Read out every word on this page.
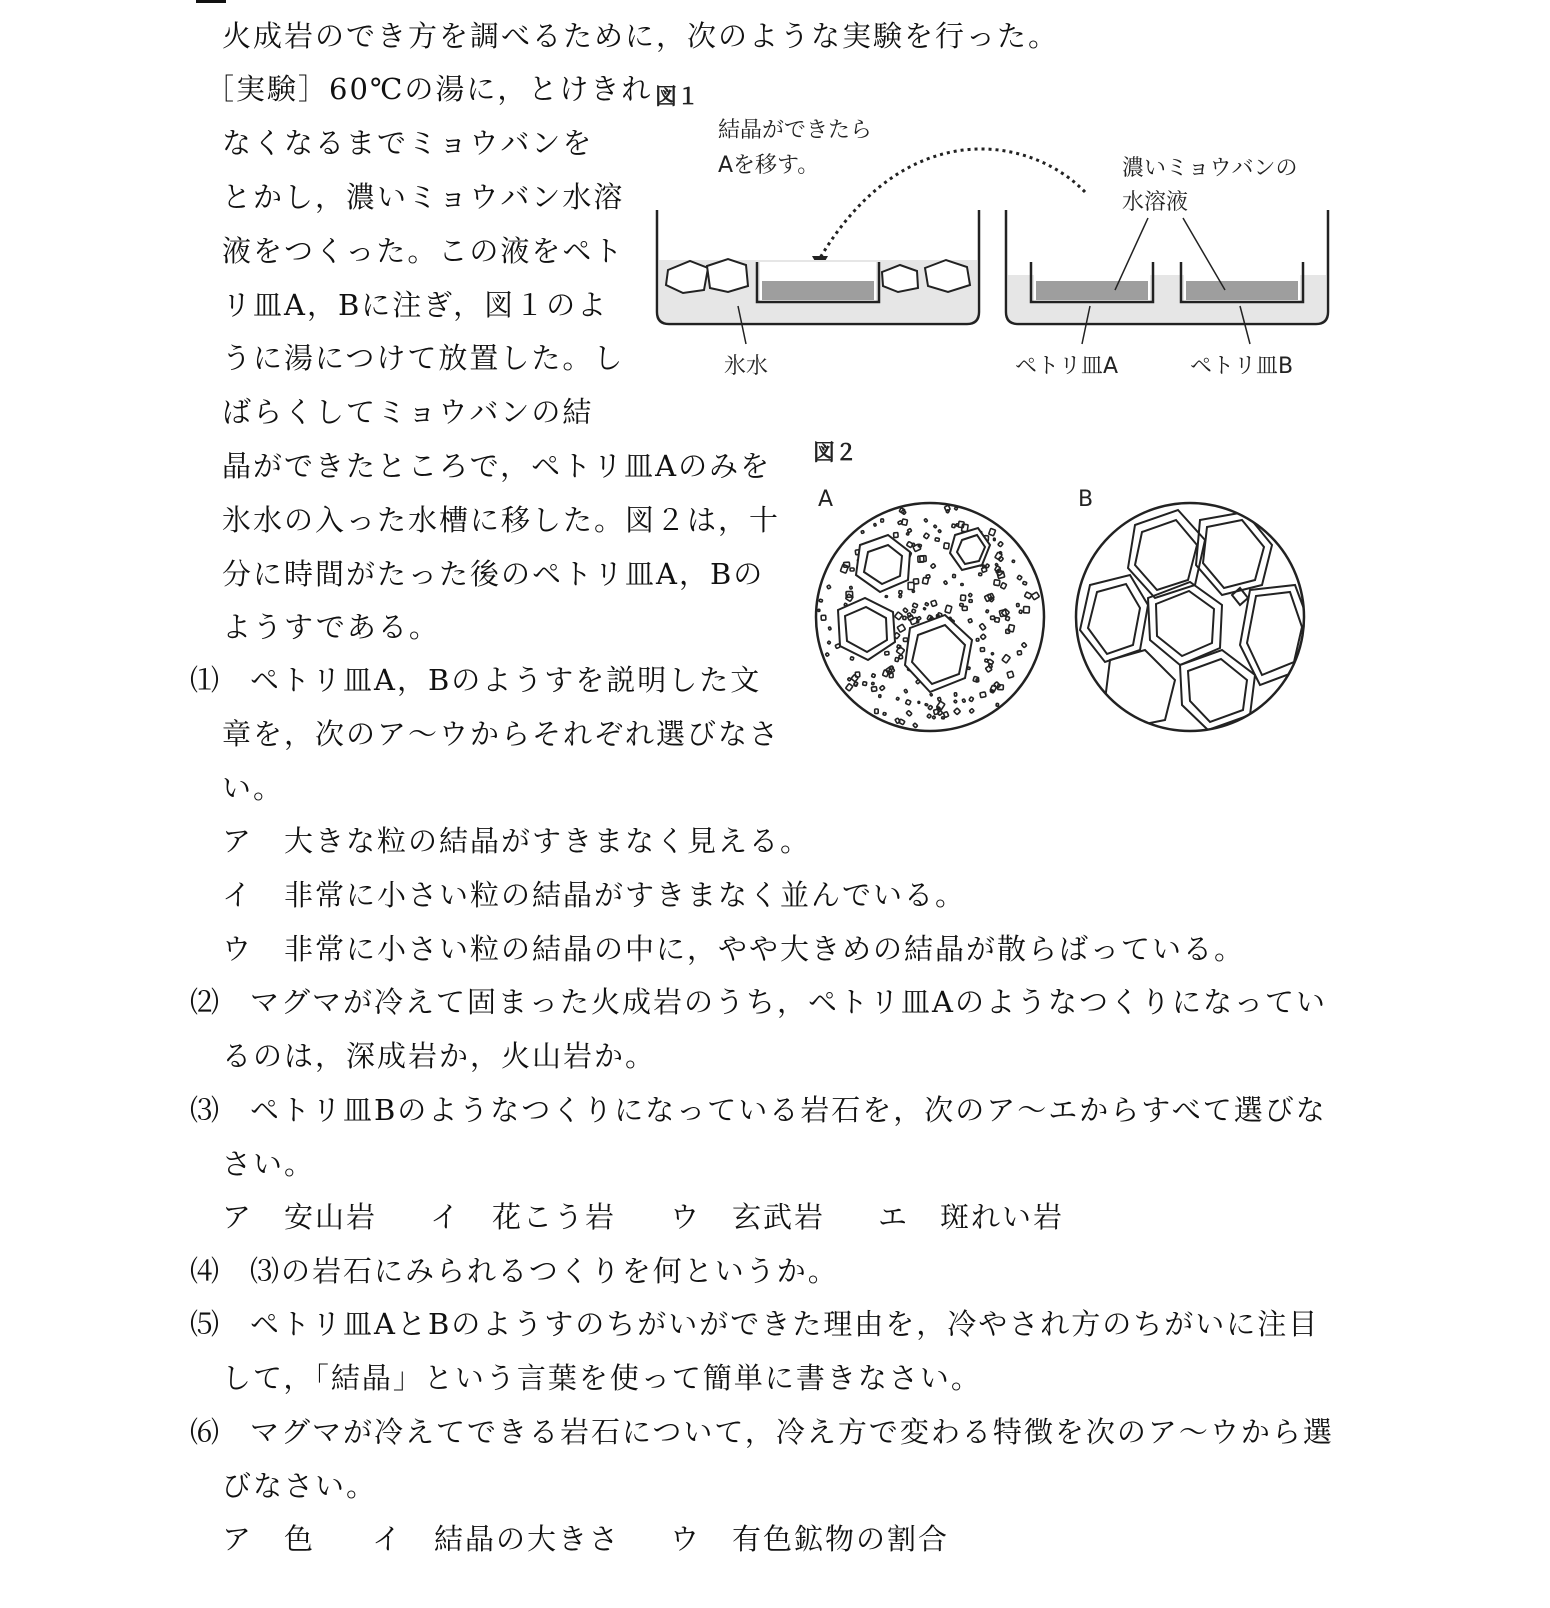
火成岩のでき方を調べるために，次のような実験を行った。
［実験］60℃の湯に，とけきれ
なくなるまでミョウバンを
とかし，濃いミョウバン水溶
液をつくった。この液をペト
リ皿A，Bに注ぎ，図１のよ
うに湯につけて放置した。し
ばらくしてミョウバンの結
晶ができたところで，ペトリ皿Aのみを
氷水の入った水槽に移した。図２は，十
分に時間がたった後のペトリ皿A，Bの
ようすである。
図１
結晶ができたら
Aを移す。	濃いミョウバンの
水溶液
氷水	ペトリ皿A	ペトリ皿B
図２
A	B
⑴ ペトリ皿A，Bのようすを説明した文
章を，次のア～ウからそれぞれ選びなさ
い。
ア　大きな粒の結晶がすきまなく見える。
イ　非常に小さい粒の結晶がすきまなく並んでいる。
ウ　非常に小さい粒の結晶の中に，やや大きめの結晶が散らばっている。
⑵ マグマが冷えて固まった火成岩のうち，ペトリ皿Aのようなつくりになってい
るのは，深成岩か，火山岩か。
⑶ ペトリ皿Bのようなつくりになっている岩石を，次のア～エからすべて選びな
さい。
ア　安山岩 イ　花こう岩 ウ　玄武岩 エ　斑れい岩
⑷ ⑶の岩石にみられるつくりを何というか。
⑸ ペトリ皿AとBのようすのちがいができた理由を，冷やされ方のちがいに注目
して，「結晶」という言葉を使って簡単に書きなさい。
⑹ マグマが冷えてできる岩石について，冷え方で変わる特徴を次のア～ウから選
びなさい。
ア　色 イ　結晶の大きさ ウ　有色鉱物の割合
